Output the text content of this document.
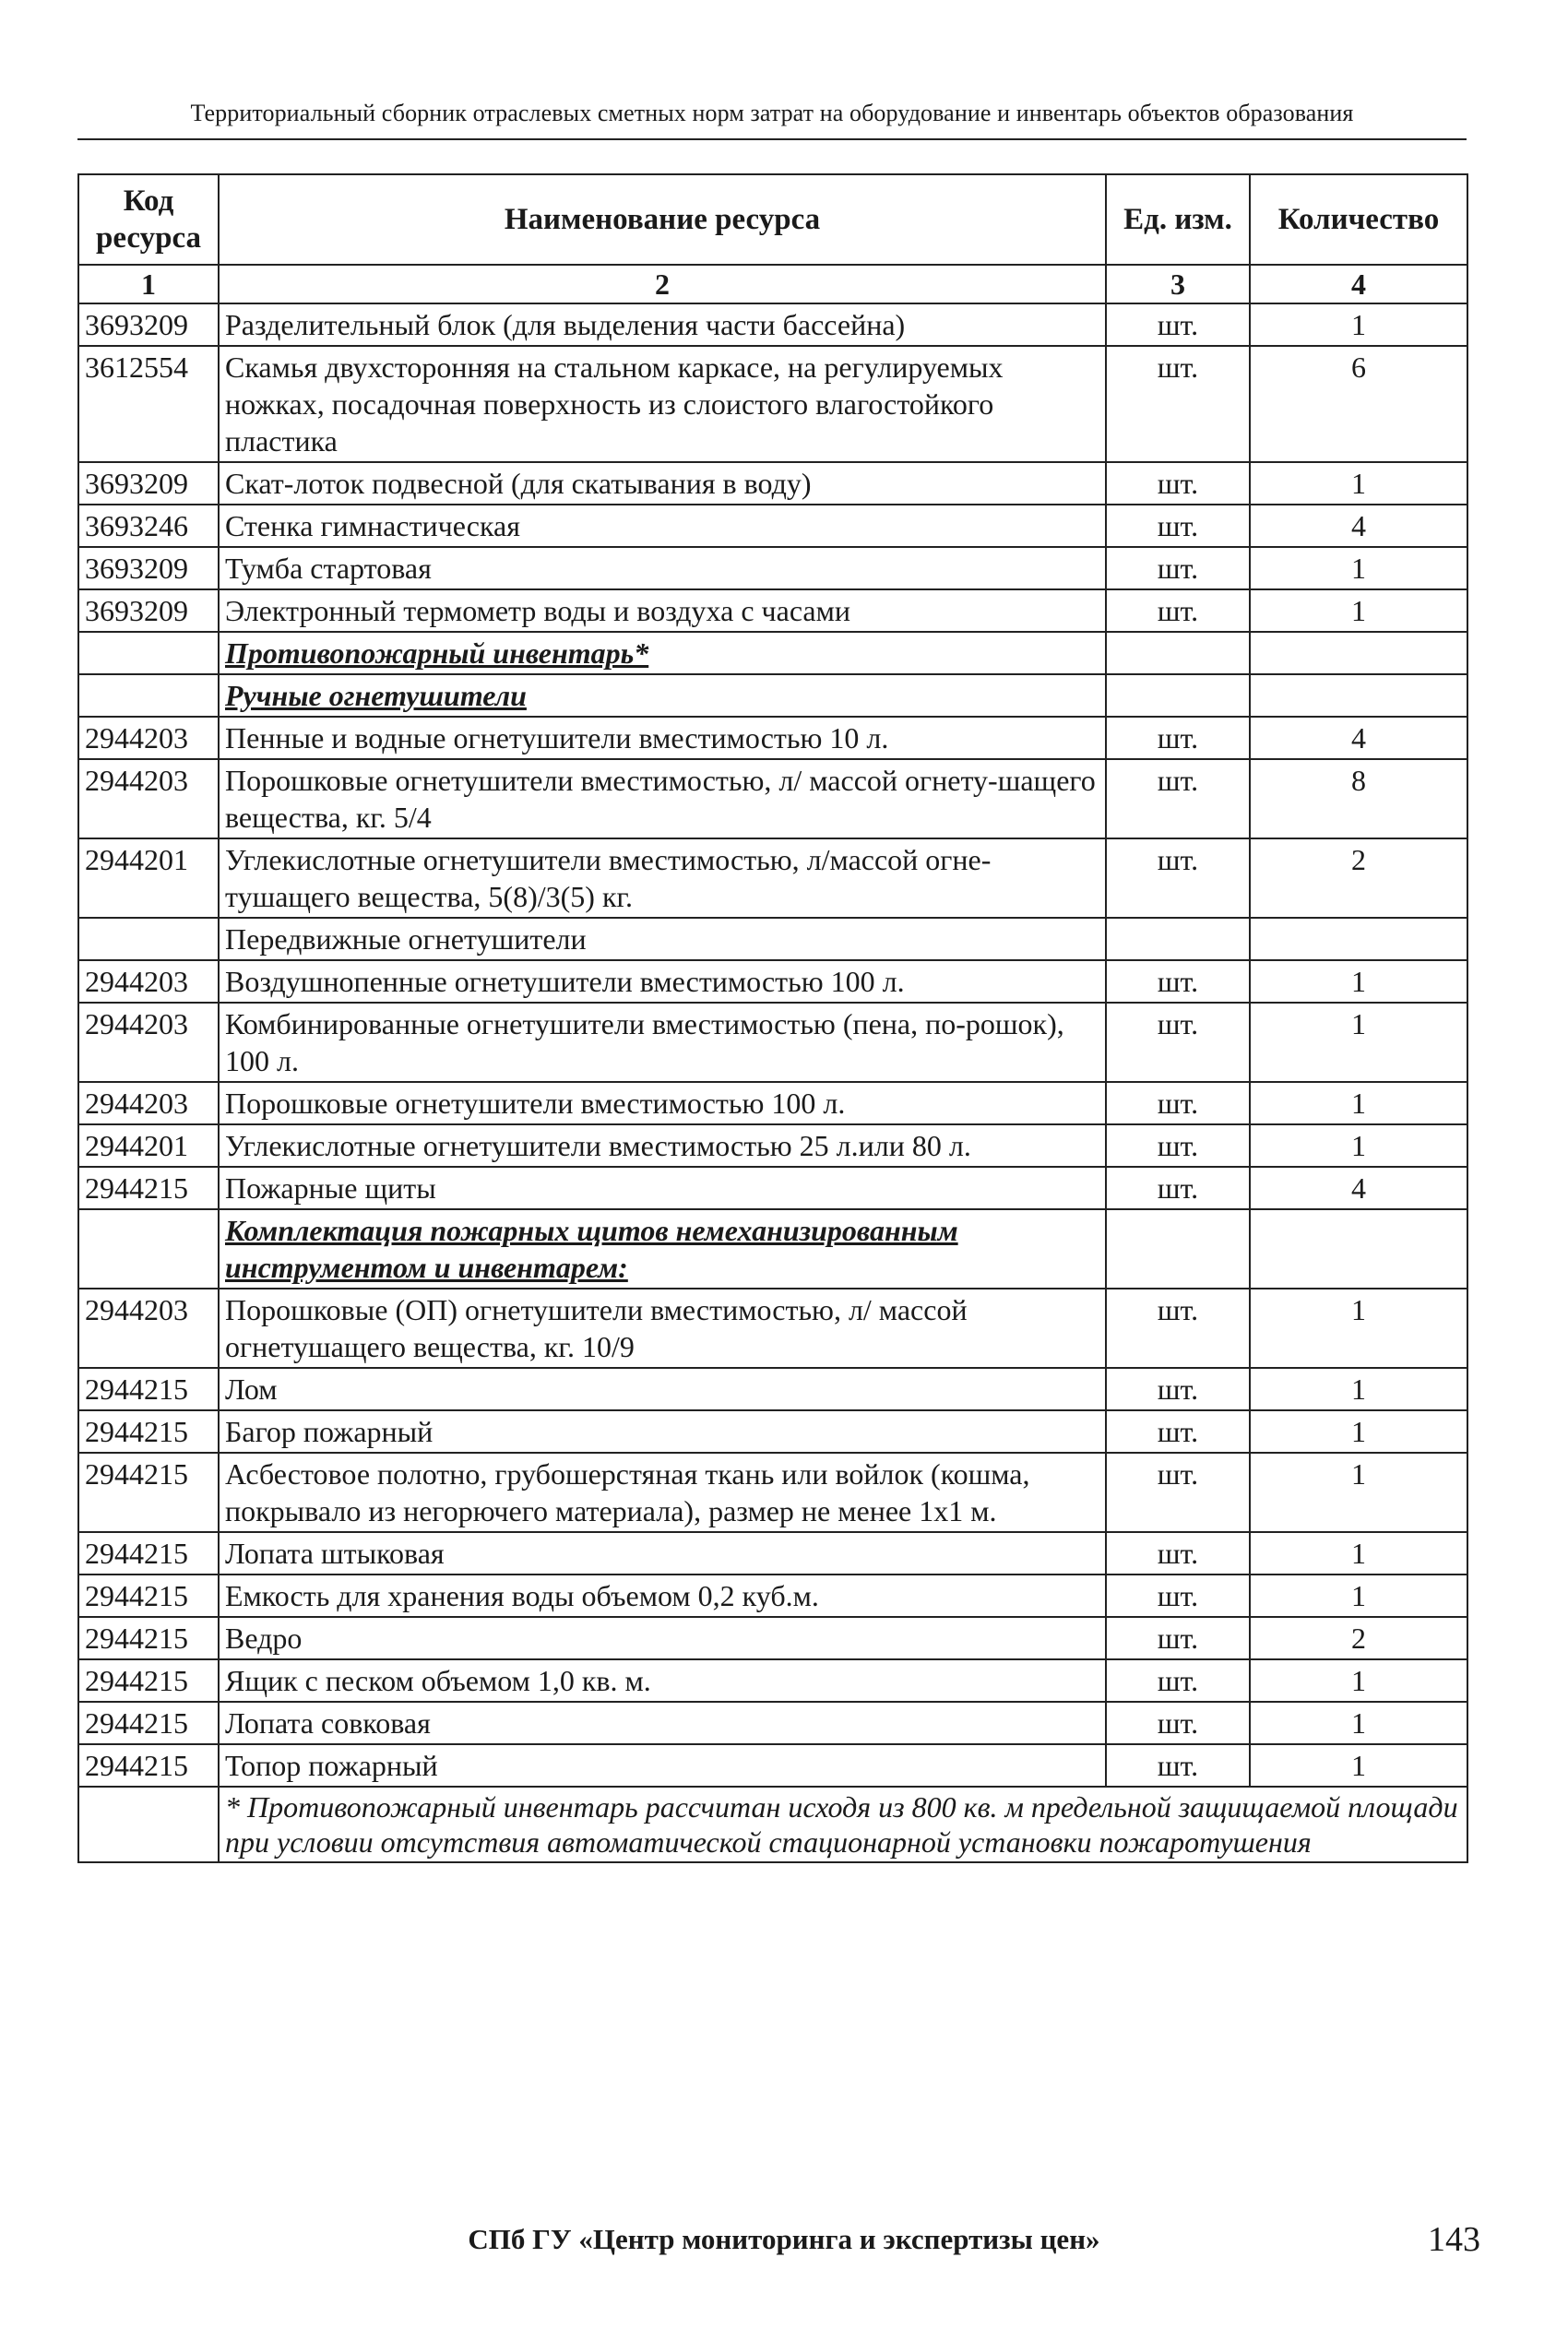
Территориальный сборник отраслевых сметных норм затрат на оборудование и инвентарь объектов образования
Код ресурса	Наименование ресурса	Ед. изм.	Количество
1	2	3	4
3693209	Разделительный блок (для выделения части бассейна)	шт.	1
3612554	Скамья двухсторонняя на стальном каркасе, на регулируемых ножках, посадочная поверхность из слоистого влагостойкого пластика	шт.	6
3693209	Скат-лоток подвесной (для скатывания в воду)	шт.	1
3693246	Стенка гимнастическая	шт.	4
3693209	Тумба стартовая	шт.	1
3693209	Электронный термометр воды и воздуха с часами	шт.	1
	Противопожарный инвентарь*		
	Ручные огнетушители		
2944203	Пенные и водные огнетушители вместимостью 10 л.	шт.	4
2944203	Порошковые огнетушители вместимостью, л/ массой огнету-шащего вещества, кг. 5/4	шт.	8
2944201	Углекислотные огнетушители вместимостью, л/массой огне-тушащего вещества, 5(8)/3(5) кг.	шт.	2
	Передвижные огнетушители		
2944203	Воздушнопенные огнетушители вместимостью 100 л.	шт.	1
2944203	Комбинированные огнетушители вместимостью (пена, по-рошок), 100 л.	шт.	1
2944203	Порошковые огнетушители вместимостью 100 л.	шт.	1
2944201	Углекислотные огнетушители вместимостью 25 л.или 80 л.	шт.	1
2944215	Пожарные щиты	шт.	4
	Комплектация пожарных щитов немеханизированным инструментом и инвентарем:		
2944203	Порошковые (ОП) огнетушители вместимостью, л/ массой огнетушащего вещества, кг. 10/9	шт.	1
2944215	Лом	шт.	1
2944215	Багор пожарный	шт.	1
2944215	Асбестовое полотно, грубошерстяная ткань или войлок (кошма, покрывало из негорючего материала), размер не менее 1х1 м.	шт.	1
2944215	Лопата штыковая	шт.	1
2944215	Емкость для хранения воды объемом 0,2 куб.м.	шт.	1
2944215	Ведро	шт.	2
2944215	Ящик с песком объемом 1,0 кв. м.	шт.	1
2944215	Лопата совковая	шт.	1
2944215	Топор пожарный	шт.	1
	* Противопожарный инвентарь рассчитан исходя из 800 кв. м предельной защищаемой площади при условии отсутствия автоматической стационарной установки пожаротушения		
СПб ГУ «Центр мониторинга и экспертизы цен»	143
